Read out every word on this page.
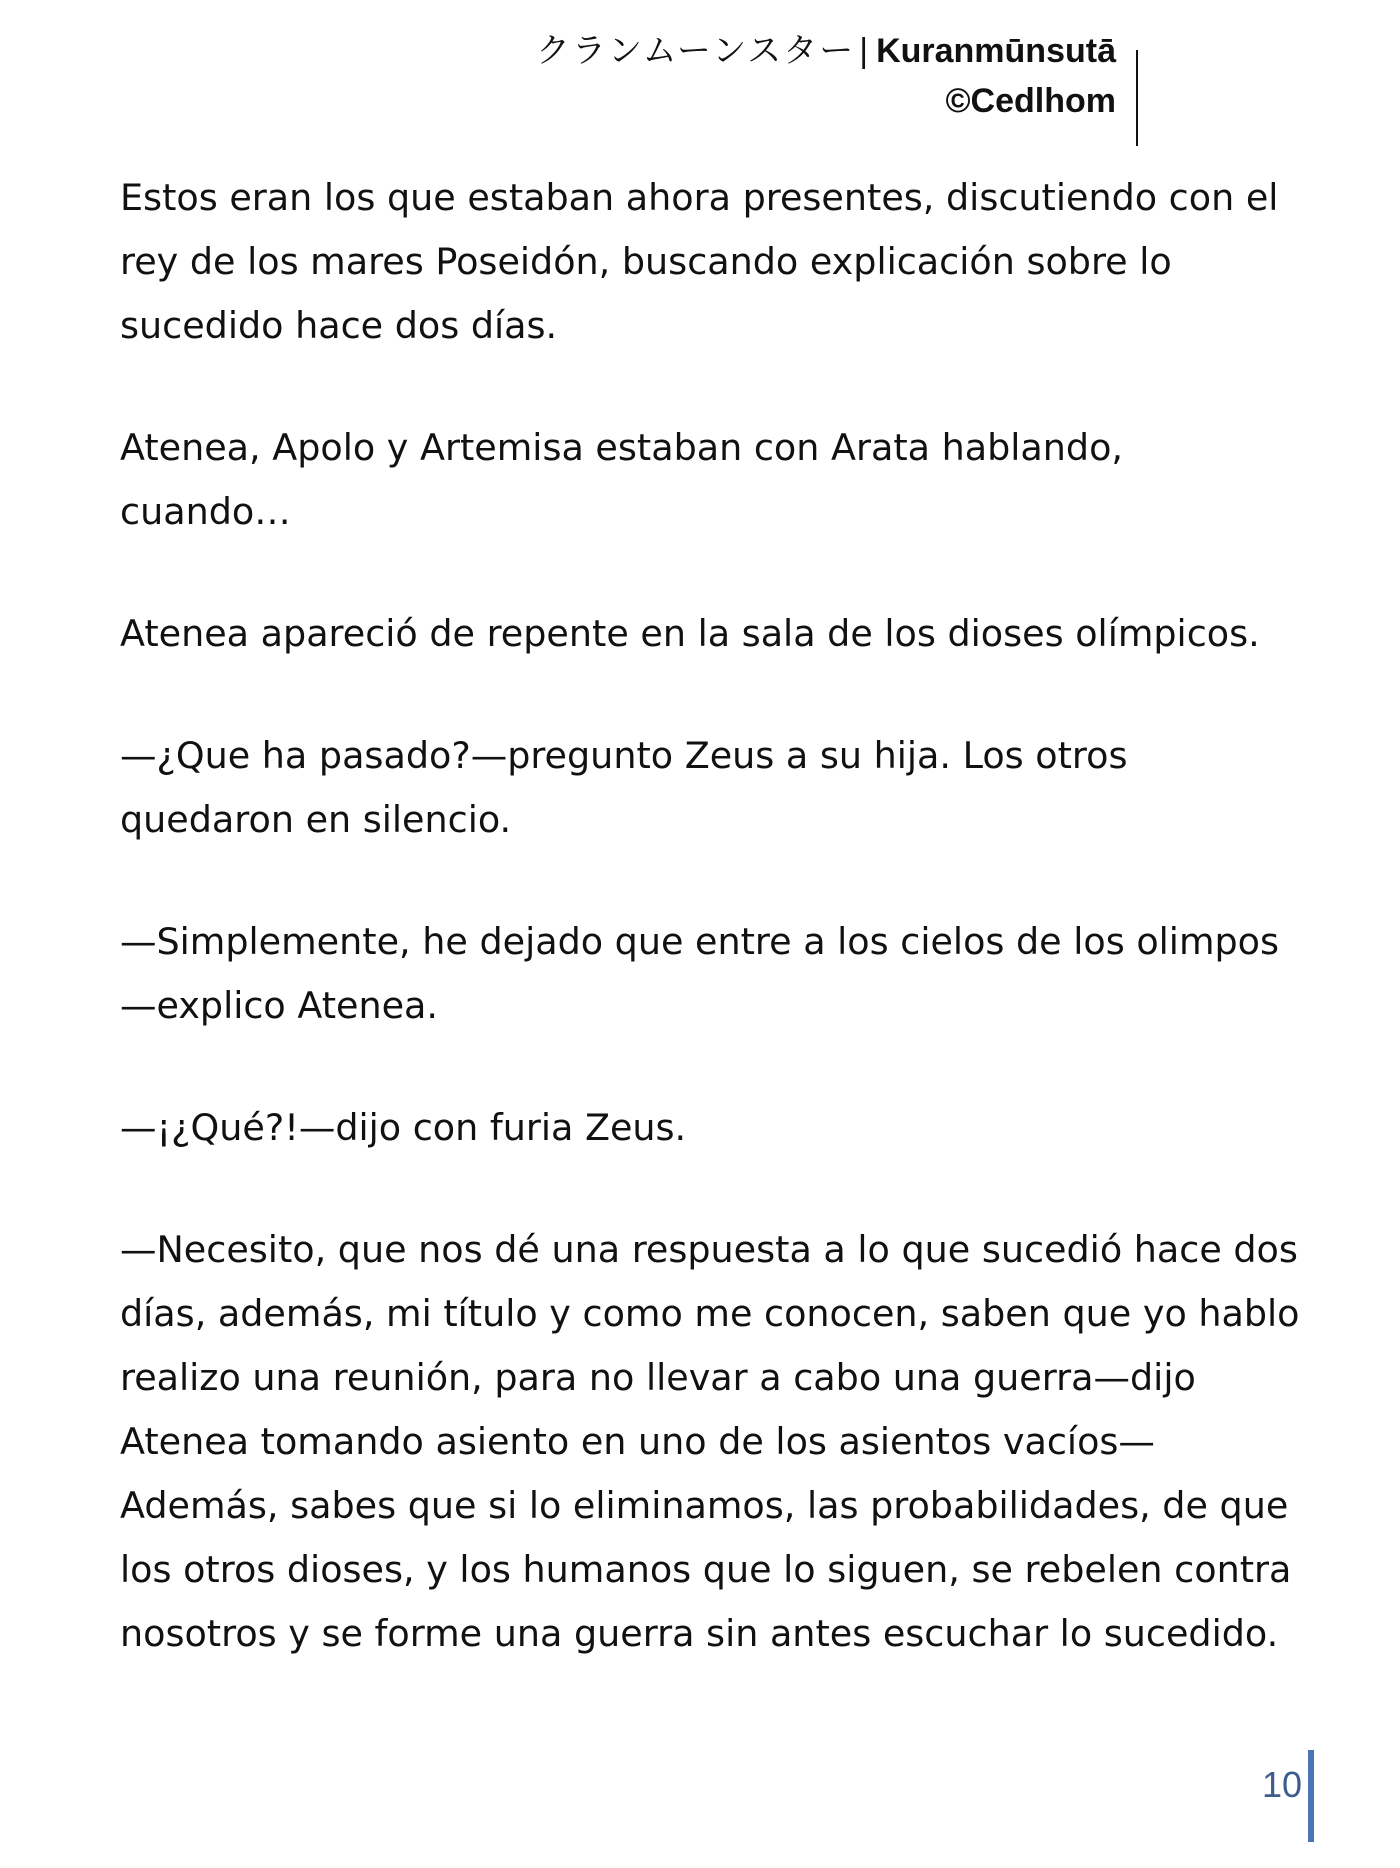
クランムーンスター | Kuranmūnsutā
©Cedlhom

Estos eran los que estaban ahora presentes, discutiendo con el rey de los mares Poseidón, buscando explicación sobre lo sucedido hace dos días.

Atenea, Apolo y Artemisa estaban con Arata hablando, cuando…

Atenea apareció de repente en la sala de los dioses olímpicos.

—¿Que ha pasado?—pregunto Zeus a su hija. Los otros quedaron en silencio.

—Simplemente, he dejado que entre a los cielos de los olimpos—explico Atenea.

—¡¿Qué?!—dijo con furia Zeus.

—Necesito, que nos dé una respuesta a lo que sucedió hace dos días, además, mi título y como me conocen, saben que yo hablo realizo una reunión, para no llevar a cabo una guerra—dijo Atenea tomando asiento en uno de los asientos vacíos—Además, sabes que si lo eliminamos, las probabilidades, de que los otros dioses, y los humanos que lo siguen, se rebelen contra nosotros y se forme una guerra sin antes escuchar lo sucedido.

10
